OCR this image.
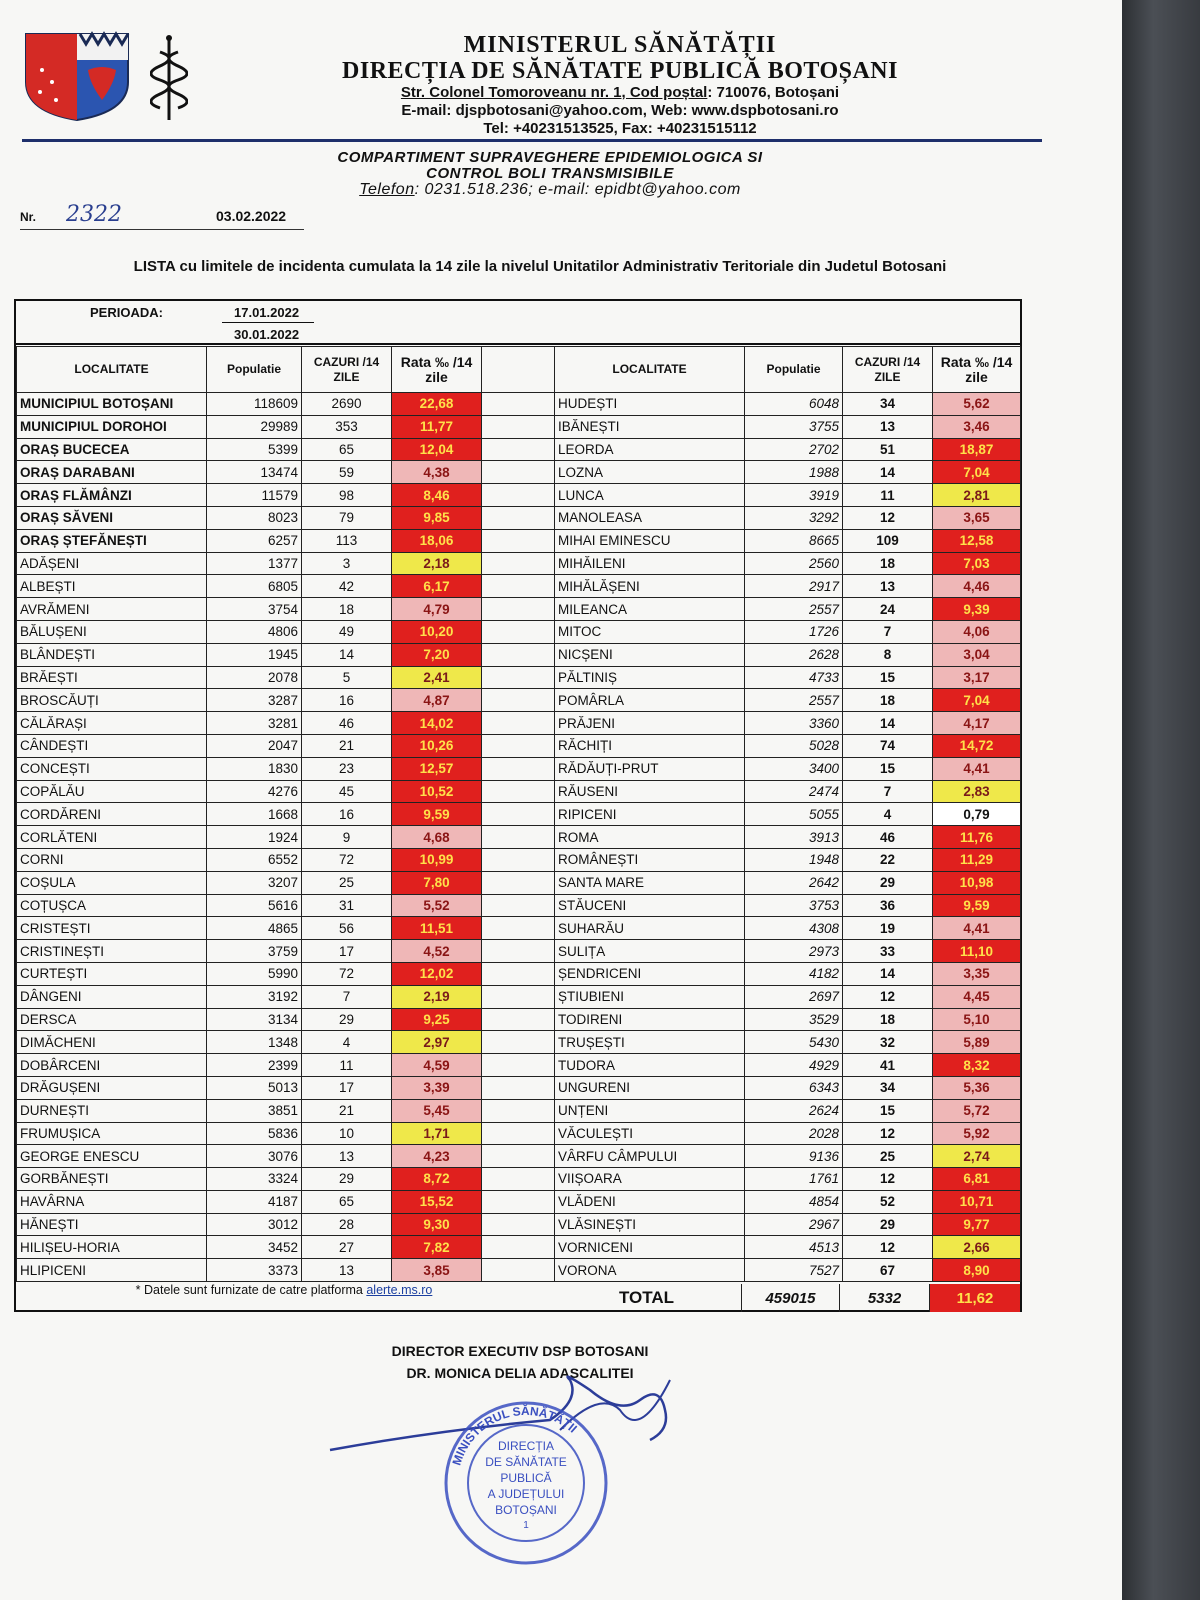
MINISTERUL SĂNĂTĂȚII
DIRECȚIA DE SĂNĂTATE PUBLICĂ BOTOȘANI
Str. Colonel Tomoroveanu nr. 1, Cod poștal: 710076, Botoșani
E-mail: djspbotosani@yahoo.com, Web: www.dspbotosani.ro
Tel: +40231513525, Fax: +40231515112
COMPARTIMENT SUPRAVEGHERE EPIDEMIOLOGICA SI
CONTROL BOLI TRANSMISIBILE
Telefon: 0231.518.236; e-mail: epidbt@yahoo.com
Nr. 2322	03.02.2022
LISTA cu limitele de incidenta cumulata la 14 zile la nivelul Unitatilor Administrativ Teritoriale din Judetul Botosani
PERIOADA:	17.01.2022
30.01.2022
LOCALITATE	Populatie	CAZURI /14 ZILE	Rata ‰ /14 zile	
MUNICIPIUL BOTOȘANI	118609	2690	22,68	
MUNICIPIUL DOROHOI	29989	353	11,77	
ORAȘ BUCECEA	5399	65	12,04	
ORAȘ DARABANI	13474	59	4,38	
ORAȘ FLĂMÂNZI	11579	98	8,46	
ORAȘ SĂVENI	8023	79	9,85	
ORAȘ ȘTEFĂNEȘTI	6257	113	18,06	
ADĂȘENI	1377	3	2,18	
ALBEȘTI	6805	42	6,17	
AVRĂMENI	3754	18	4,79	
BĂLUȘENI	4806	49	10,20	
BLÂNDEȘTI	1945	14	7,20	
BRĂEȘTI	2078	5	2,41	
BROSCĂUȚI	3287	16	4,87	
CĂLĂRAȘI	3281	46	14,02	
CÂNDEȘTI	2047	21	10,26	
CONCEȘTI	1830	23	12,57	
COPĂLĂU	4276	45	10,52	
CORDĂRENI	1668	16	9,59	
CORLĂTENI	1924	9	4,68	
CORNI	6552	72	10,99	
COȘULA	3207	25	7,80	
COȚUȘCA	5616	31	5,52	
CRISTEȘTI	4865	56	11,51	
CRISTINEȘTI	3759	17	4,52	
CURTEȘTI	5990	72	12,02	
DÂNGENI	3192	7	2,19	
DERSCA	3134	29	9,25	
DIMĂCHENI	1348	4	2,97	
DOBÂRCENI	2399	11	4,59	
DRĂGUȘENI	5013	17	3,39	
DURNEȘTI	3851	21	5,45	
FRUMUȘICA	5836	10	1,71	
GEORGE ENESCU	3076	13	4,23	
GORBĂNEȘTI	3324	29	8,72	
HAVÂRNA	4187	65	15,52	
HĂNEȘTI	3012	28	9,30	
HILIȘEU-HORIA	3452	27	7,82	
HLIPICENI	3373	13	3,85	
LOCALITATE	Populatie	CAZURI /14 ZILE	Rata ‰ /14 zile
HUDEȘTI	6048	34	5,62
IBĂNEȘTI	3755	13	3,46
LEORDA	2702	51	18,87
LOZNA	1988	14	7,04
LUNCA	3919	11	2,81
MANOLEASA	3292	12	3,65
MIHAI EMINESCU	8665	109	12,58
MIHĂILENI	2560	18	7,03
MIHĂLĂȘENI	2917	13	4,46
MILEANCA	2557	24	9,39
MITOC	1726	7	4,06
NICȘENI	2628	8	3,04
PĂLTINIȘ	4733	15	3,17
POMÂRLA	2557	18	7,04
PRĂJENI	3360	14	4,17
RĂCHIȚI	5028	74	14,72
RĂDĂUȚI-PRUT	3400	15	4,41
RĂUSENI	2474	7	2,83
RIPICENI	5055	4	0,79
ROMA	3913	46	11,76
ROMÂNEȘTI	1948	22	11,29
SANTA MARE	2642	29	10,98
STĂUCENI	3753	36	9,59
SUHARĂU	4308	19	4,41
SULIȚA	2973	33	11,10
ȘENDRICENI	4182	14	3,35
ȘTIUBIENI	2697	12	4,45
TODIRENI	3529	18	5,10
TRUȘEȘTI	5430	32	5,89
TUDORA	4929	41	8,32
UNGURENI	6343	34	5,36
UNȚENI	2624	15	5,72
VĂCULEȘTI	2028	12	5,92
VÂRFU CÂMPULUI	9136	25	2,74
VIIȘOARA	1761	12	6,81
VLĂDENI	4854	52	10,71
VLĂSINEȘTI	2967	29	9,77
VORNICENI	4513	12	2,66
VORONA	7527	67	8,90
* Datele sunt furnizate de catre platforma alerte.ms.ro	TOTAL	459015	5332	11,62
DIRECTOR EXECUTIV DSP BOTOSANI
DR. MONICA DELIA ADASCALITEI
MINISTERUL SĂNĂTĂȚII
DIRECȚIA
DE SĂNĂTATE
PUBLICĂ
A JUDEȚULUI
BOTOȘANI
1
